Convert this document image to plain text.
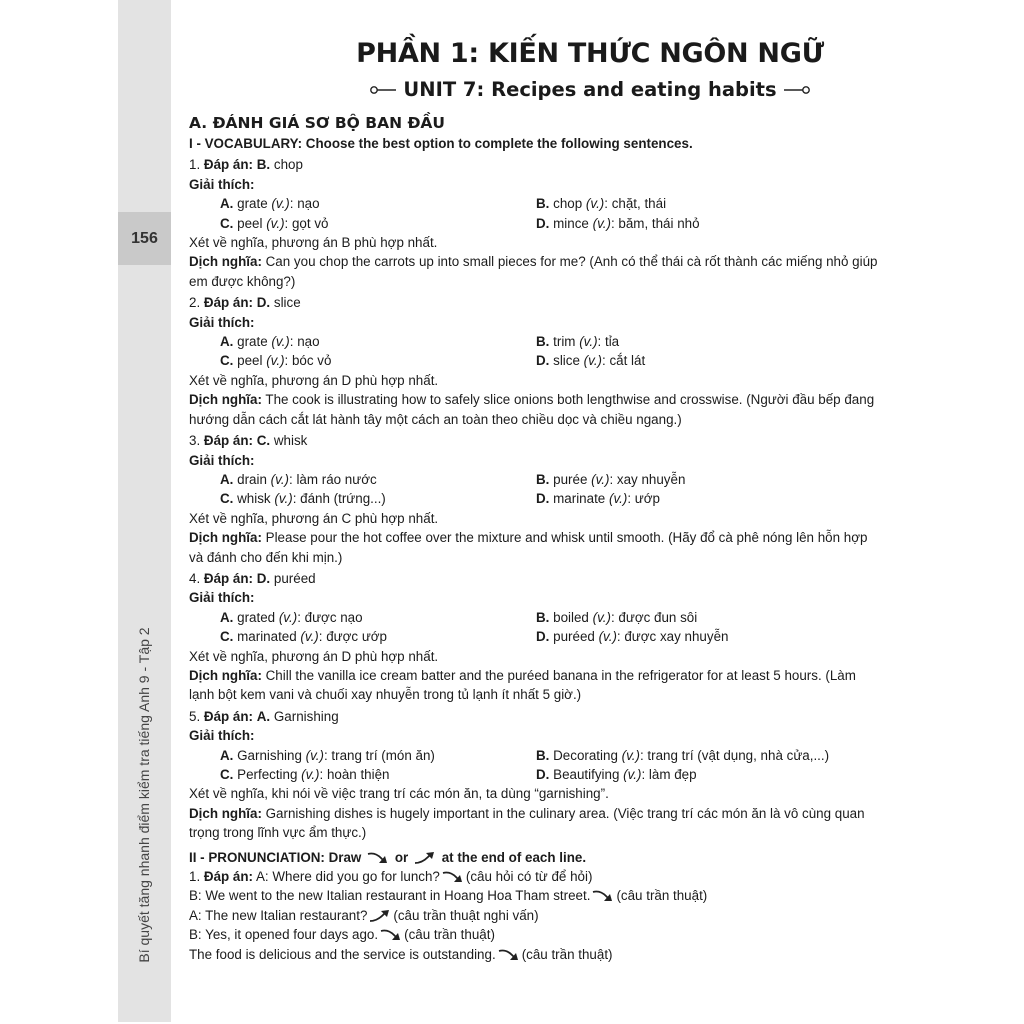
156
Bí quyết tăng nhanh điểm kiểm tra tiếng Anh 9 - Tập 2
PHẦN 1: KIẾN THỨC NGÔN NGỮ
UNIT 7: Recipes and eating habits

A. ĐÁNH GIÁ SƠ BỘ BAN ĐẦU

I - VOCABULARY: Choose the best option to complete the following sentences.

1. Đáp án: B. chop

Giải thích:

A. grate (v.): nạo	B. chop (v.): chặt, thái
C. peel (v.): gọt vỏ	D. mince (v.): băm, thái nhỏ

Xét về nghĩa, phương án B phù hợp nhất.

Dịch nghĩa: Can you chop the carrots up into small pieces for me? (Anh có thể thái cà rốt thành các miếng nhỏ giúp em được không?)

2. Đáp án: D. slice

Giải thích:

A. grate (v.): nạo	B. trim (v.): tỉa
C. peel (v.): bóc vỏ	D. slice (v.): cắt lát

Xét về nghĩa, phương án D phù hợp nhất.

Dịch nghĩa: The cook is illustrating how to safely slice onions both lengthwise and crosswise. (Người đầu bếp đang hướng dẫn cách cắt lát hành tây một cách an toàn theo chiều dọc và chiều ngang.)

3. Đáp án: C. whisk

Giải thích:

A. drain (v.): làm ráo nước	B. purée (v.): xay nhuyễn
C. whisk (v.): đánh (trứng...)	D. marinate (v.): ướp

Xét về nghĩa, phương án C phù hợp nhất.

Dịch nghĩa: Please pour the hot coffee over the mixture and whisk until smooth. (Hãy đổ cà phê nóng lên hỗn hợp và đánh cho đến khi mịn.)

4. Đáp án: D. puréed

Giải thích:

A. grated (v.): được nạo	B. boiled (v.): được đun sôi
C. marinated (v.): được ướp	D. puréed (v.): được xay nhuyễn

Xét về nghĩa, phương án D phù hợp nhất.

Dịch nghĩa: Chill the vanilla ice cream batter and the puréed banana in the refrigerator for at least 5 hours. (Làm lạnh bột kem vani và chuối xay nhuyễn trong tủ lạnh ít nhất 5 giờ.)

5. Đáp án: A. Garnishing

Giải thích:

A. Garnishing (v.): trang trí (món ăn)	B. Decorating (v.): trang trí (vật dụng, nhà cửa,...)
C. Perfecting (v.): hoàn thiện	D. Beautifying (v.): làm đẹp

Xét về nghĩa, khi nói về việc trang trí các món ăn, ta dùng “garnishing”.

Dịch nghĩa: Garnishing dishes is hugely important in the culinary area. (Việc trang trí các món ăn là vô cùng quan trọng trong lĩnh vực ẩm thực.)

II - PRONUNCIATION: Draw or at the end of each line.

1. Đáp án: A: Where did you go for lunch? (câu hỏi có từ để hỏi)

B: We went to the new Italian restaurant in Hoang Hoa Tham street. (câu trần thuật)

A: The new Italian restaurant? (câu trần thuật nghi vấn)

B: Yes, it opened four days ago. (câu trần thuật)

The food is delicious and the service is outstanding. (câu trần thuật)
